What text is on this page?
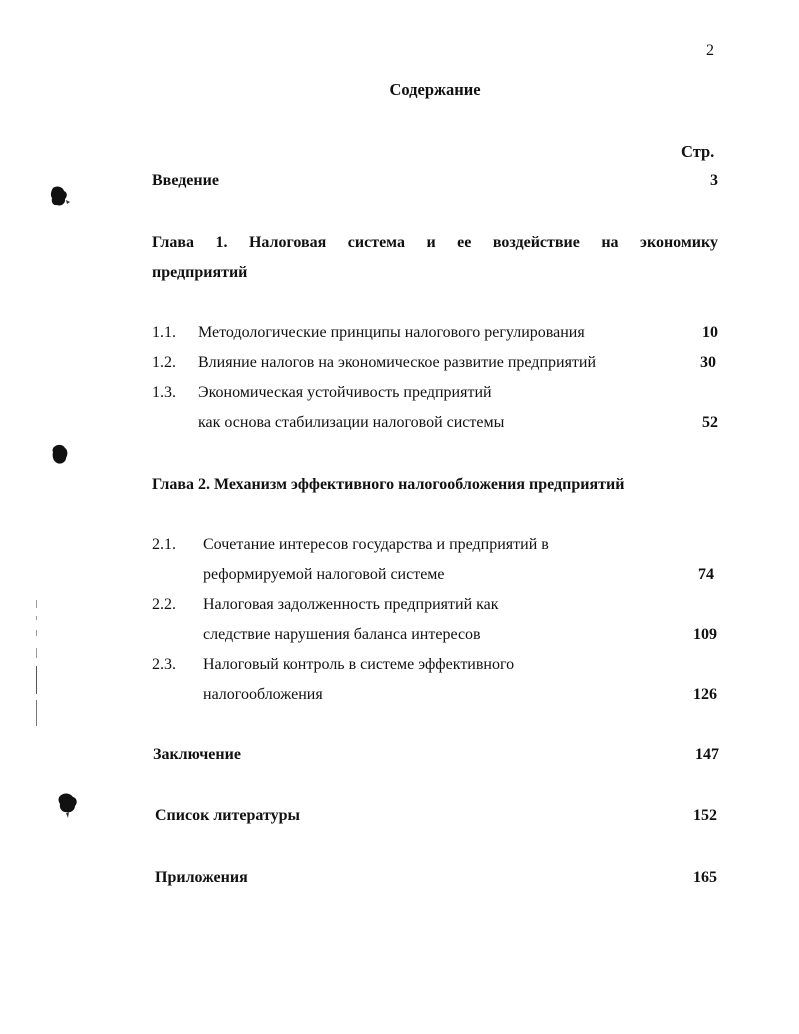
2
Содержание
Стр.
Введение	3
Глава 1. Налоговая система и ее воздействие на экономику
предприятий
1.1. Методологические принципы налогового регулирования	10
1.2. Влияние налогов на экономическое развитие предприятий	30
1.3. Экономическая устойчивость предприятий
как основа стабилизации налоговой системы	52
Глава 2. Механизм эффективного налогообложения предприятий
2.1. Сочетание интересов государства и предприятий в
реформируемой налоговой системе	74
2.2. Налоговая задолженность предприятий как
следствие нарушения баланса интересов	109
2.3. Налоговый контроль в системе эффективного
налогообложения	126
Заключение	147
Список литературы	152
Приложения	165
